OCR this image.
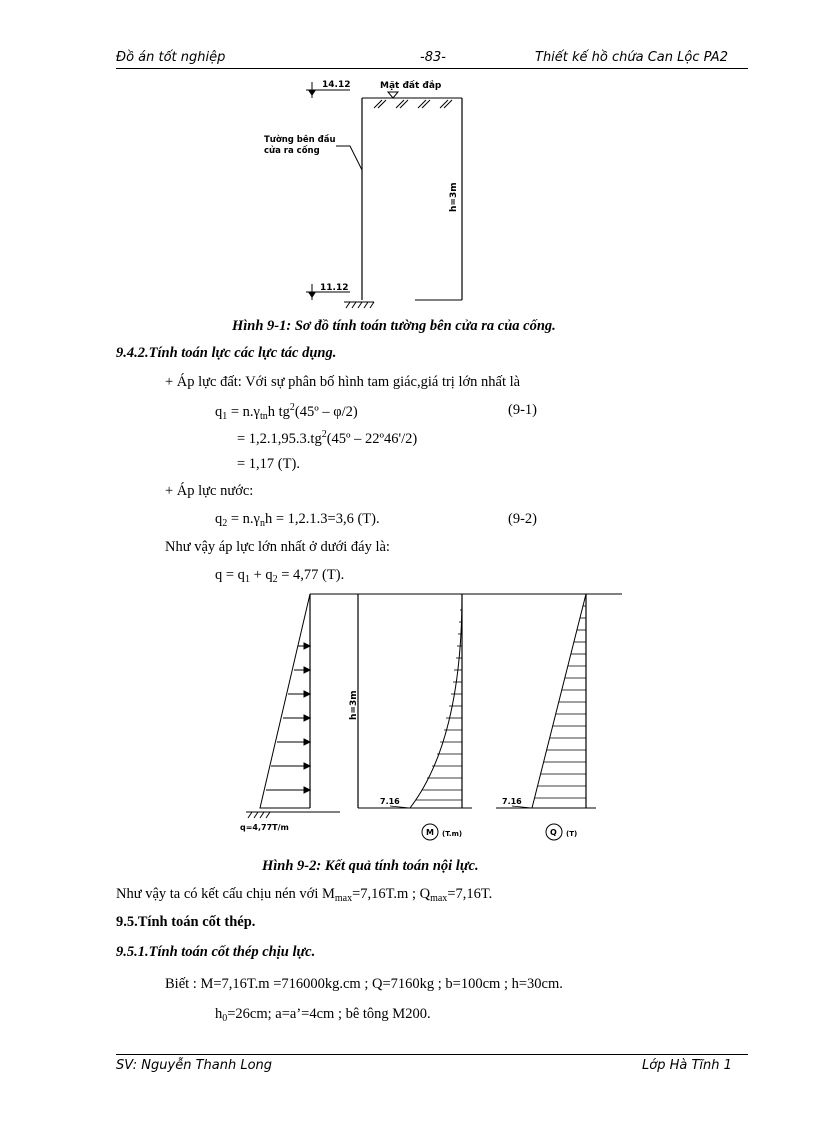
Đồ án tốt nghiệp	-83-	Thiết kế hồ chứa Can Lộc PA2
14.12	Mặt đất đắp
Tường bên đầu
cửa ra cống
h=3m
11.12
Hình 9-1: Sơ đồ tính toán tường bên cửa ra của cống.
9.4.2.Tính toán lực các lực tác dụng.
+ Áp lực đất: Với sự phân bố hình tam giác,giá trị lớn nhất là
$q_1 = n.\gamma_{tn}h$ $tg^2(45º - \varphi/2)$	(9-1)
= $1,2.1,95.3.tg^2(45º$ – 22º46'/2)
= 1,17 (T).
+ Áp lực nước:
$q_2 = n.\gamma_nh = 1,2.1.3=3,6$ (T).	(9-2)
Như vậy áp lực lớn nhất ở dưới đáy là:
$q = q_1 + q_2 = 4,77$ (T).
q=4,77T/m
h=3m
7.16	7.16
M (T.m)	Q (T)
Hình 9-2: Kết quả tính toán nội lực.
Như vậy ta có kết cấu chịu nén với $M_{max}=7,16T.m$ ; $Q_{max}=7,16T$.
9.5.Tính toán cốt thép.
9.5.1.Tính toán cốt thép chịu lực.
Biết : M=7,16T.m =716000kg.cm ; Q=7160kg ; b=100cm ; h=30cm.
$h_0=26cm$; a=a’=4cm ; bê tông M200.
SV: Nguyễn Thanh Long	Lớp Hà Tĩnh 1
